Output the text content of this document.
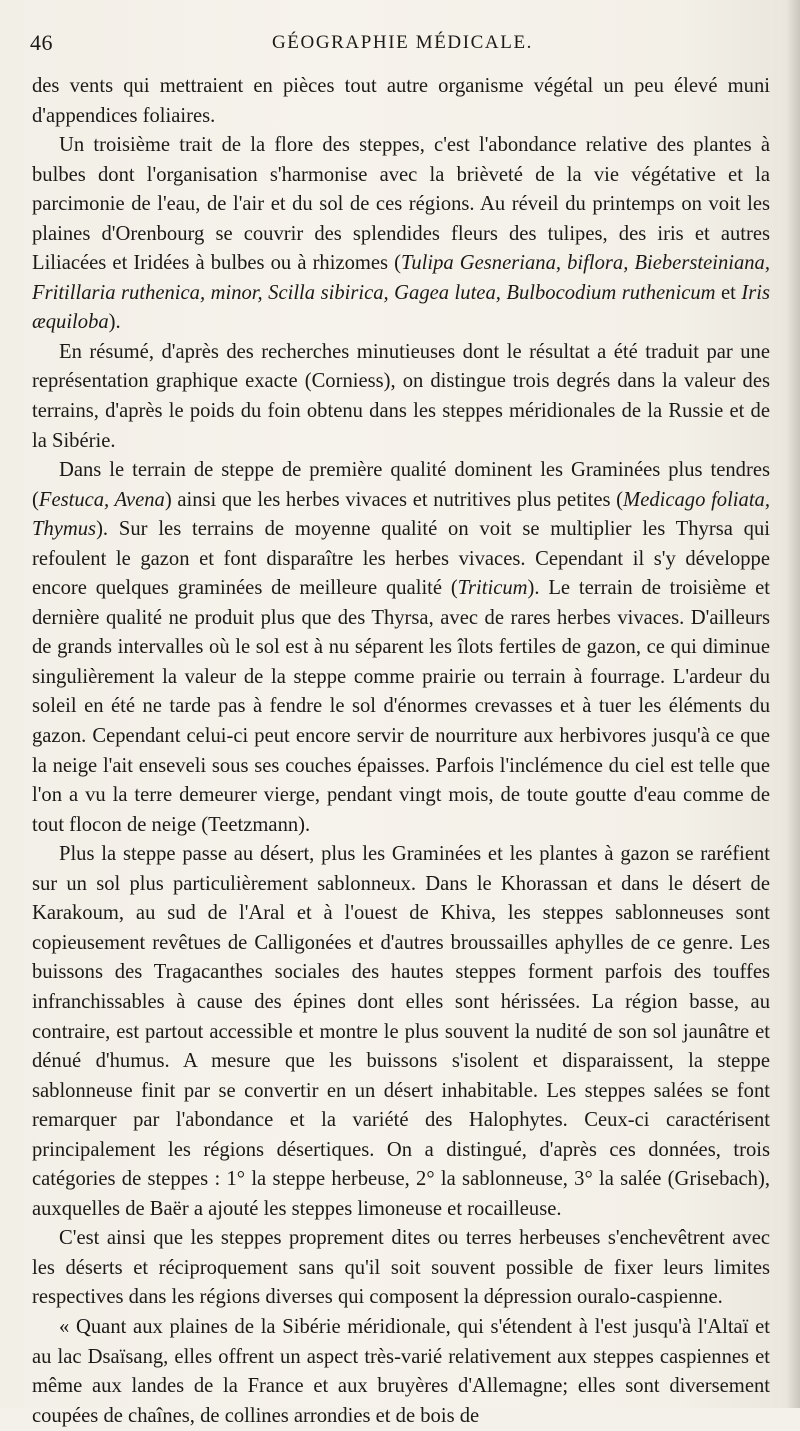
46	GÉOGRAPHIE MÉDICALE.

des vents qui mettraient en pièces tout autre organisme végétal un peu élevé muni d'appendices foliaires.

Un troisième trait de la flore des steppes, c'est l'abondance relative des plantes à bulbes dont l'organisation s'harmonise avec la brièveté de la vie végétative et la parcimonie de l'eau, de l'air et du sol de ces régions. Au réveil du printemps on voit les plaines d'Orenbourg se couvrir des splendides fleurs des tulipes, des iris et autres Liliacées et Iridées à bulbes ou à rhizomes (Tulipa Gesneriana, biflora, Biebersteiniana, Fritillaria ruthenica, minor, Scilla sibirica, Gagea lutea, Bulbocodium ruthenicum et Iris æquiloba).

En résumé, d'après des recherches minutieuses dont le résultat a été traduit par une représentation graphique exacte (Corniess), on distingue trois degrés dans la valeur des terrains, d'après le poids du foin obtenu dans les steppes méridionales de la Russie et de la Sibérie.

Dans le terrain de steppe de première qualité dominent les Graminées plus tendres (Festuca, Avena) ainsi que les herbes vivaces et nutritives plus petites (Medicago foliata, Thymus). Sur les terrains de moyenne qualité on voit se multiplier les Thyrsa qui refoulent le gazon et font disparaître les herbes vivaces. Cependant il s'y développe encore quelques graminées de meilleure qualité (Triticum). Le terrain de troisième et dernière qualité ne produit plus que des Thyrsa, avec de rares herbes vivaces. D'ailleurs de grands intervalles où le sol est à nu séparent les îlots fertiles de gazon, ce qui diminue singulièrement la valeur de la steppe comme prairie ou terrain à fourrage. L'ardeur du soleil en été ne tarde pas à fendre le sol d'énormes crevasses et à tuer les éléments du gazon. Cependant celui-ci peut encore servir de nourriture aux herbivores jusqu'à ce que la neige l'ait enseveli sous ses couches épaisses. Parfois l'inclémence du ciel est telle que l'on a vu la terre demeurer vierge, pendant vingt mois, de toute goutte d'eau comme de tout flocon de neige (Teetzmann).

Plus la steppe passe au désert, plus les Graminées et les plantes à gazon se raréfient sur un sol plus particulièrement sablonneux. Dans le Khorassan et dans le désert de Karakoum, au sud de l'Aral et à l'ouest de Khiva, les steppes sablonneuses sont copieusement revêtues de Calligonées et d'autres broussailles aphylles de ce genre. Les buissons des Tragacanthes sociales des hautes steppes forment parfois des touffes infranchissables à cause des épines dont elles sont hérissées. La région basse, au contraire, est partout accessible et montre le plus souvent la nudité de son sol jaunâtre et dénué d'humus. A mesure que les buissons s'isolent et disparaissent, la steppe sablonneuse finit par se convertir en un désert inhabitable. Les steppes salées se font remarquer par l'abondance et la variété des Halophytes. Ceux-ci caractérisent principalement les régions désertiques. On a distingué, d'après ces données, trois catégories de steppes : 1° la steppe herbeuse, 2° la sablonneuse, 3° la salée (Grisebach), auxquelles de Baër a ajouté les steppes limoneuse et rocailleuse.

C'est ainsi que les steppes proprement dites ou terres herbeuses s'enchevêtrent avec les déserts et réciproquement sans qu'il soit souvent possible de fixer leurs limites respectives dans les régions diverses qui composent la dépression ouralo-caspienne.

« Quant aux plaines de la Sibérie méridionale, qui s'étendent à l'est jusqu'à l'Altaï et au lac Dsaïsang, elles offrent un aspect très-varié relativement aux steppes caspiennes et même aux landes de la France et aux bruyères d'Allemagne; elles sont diversement coupées de chaînes, de collines arrondies et de bois de
